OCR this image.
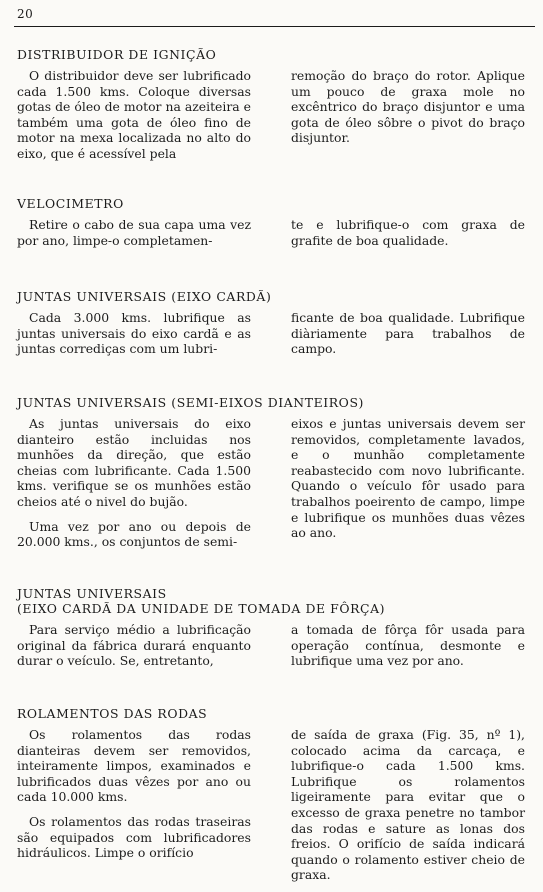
20
DISTRIBUIDOR DE IGNIÇÃO

O distribuidor deve ser lubrificado cada 1.500 kms. Coloque diversas gotas de óleo de motor na azeiteira e também uma gota de óleo fino de motor na mexa localizada no alto do eixo, que é acessível pela

remoção do braço do rotor. Aplique um pouco de graxa mole no excêntrico do braço disjuntor e uma gota de óleo sôbre o pivot do braço disjuntor.

VELOCIMETRO

Retire o cabo de sua capa uma vez por ano, limpe-o completamen-

te e lubrifique-o com graxa de grafite de boa qualidade.

JUNTAS UNIVERSAIS (EIXO CARDÃ)

Cada 3.000 kms. lubrifique as juntas universais do eixo cardã e as juntas corrediças com um lubri-

ficante de boa qualidade. Lubrifique diàriamente para trabalhos de campo.

JUNTAS UNIVERSAIS (SEMI-EIXOS DIANTEIROS)

As juntas universais do eixo dianteiro estão incluidas nos munhões da direção, que estão cheias com lubrificante. Cada 1.500 kms. verifique se os munhões estão cheios até o nivel do bujão.

Uma vez por ano ou depois de 20.000 kms., os conjuntos de semi-

eixos e juntas universais devem ser removidos, completamente lavados, e o munhão completamente reabastecido com novo lubrificante. Quando o veículo fôr usado para trabalhos poeirento de campo, limpe e lubrifique os munhões duas vêzes ao ano.

JUNTAS UNIVERSAIS
(EIXO CARDÃ DA UNIDADE DE TOMADA DE FÔRÇA)

Para serviço médio a lubrificação original da fábrica durará enquanto durar o veículo. Se, entretanto,

a tomada de fôrça fôr usada para operação contínua, desmonte e lubrifique uma vez por ano.

ROLAMENTOS DAS RODAS

Os rolamentos das rodas dianteiras devem ser removidos, inteiramente limpos, examinados e lubrificados duas vêzes por ano ou cada 10.000 kms.

Os rolamentos das rodas traseiras são equipados com lubrificadores hidráulicos. Limpe o orifício

de saída de graxa (Fig. 35, nº 1), colocado acima da carcaça, e lubrifique-o cada 1.500 kms. Lubrifique os rolamentos ligeiramente para evitar que o excesso de graxa penetre no tambor das rodas e sature as lonas dos freios. O orifício de saída indicará quando o rolamento estiver cheio de graxa.
